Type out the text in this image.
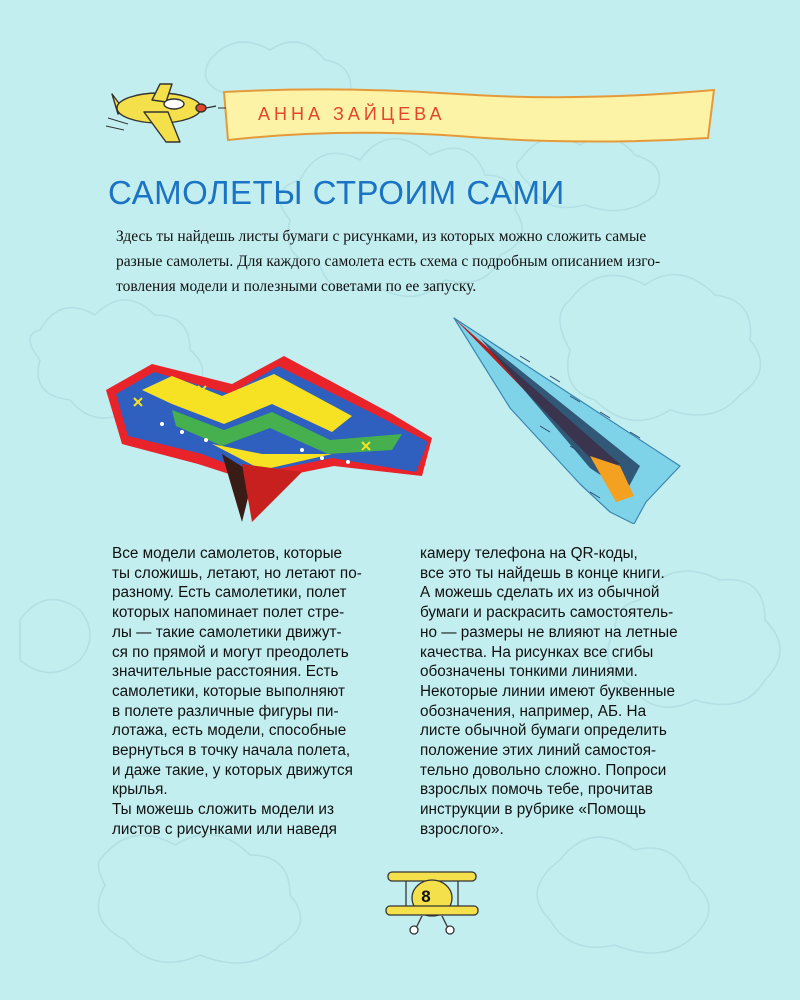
АННА ЗАЙЦЕВА
САМОЛЕТЫ СТРОИМ САМИ

Здесь ты найдешь листы бумаги с рисунками, из которых можно сложить самые
разные самолеты. Для каждого самолета есть схема с подробным описанием изго-
товления модели и полезными советами по ее запуску.

Все модели самолетов, которые
ты сложишь, летают, но летают по-
разному. Есть самолетики, полет
которых напоминает полет стре-
лы — такие самолетики движут-
ся по прямой и могут преодолеть
значительные расстояния. Есть
самолетики, которые выполняют
в полете различные фигуры пи-
лотажа, есть модели, способные
вернуться в точку начала полета,
и даже такие, у которых движутся
крылья.
Ты можешь сложить модели из
листов с рисунками или наведя
камеру телефона на QR-коды,
все это ты найдешь в конце книги.
А можешь сделать их из обычной
бумаги и раскрасить самостоятель-
но — размеры не влияют на летные
качества. На рисунках все сгибы
обозначены тонкими линиями.
Некоторые линии имеют буквенные
обозначения, например, АБ. На
листе обычной бумаги определить
положение этих линий самостоя-
тельно довольно сложно. Попроси
взрослых помочь тебе, прочитав
инструкции в рубрике «Помощь
взрослого».
8
